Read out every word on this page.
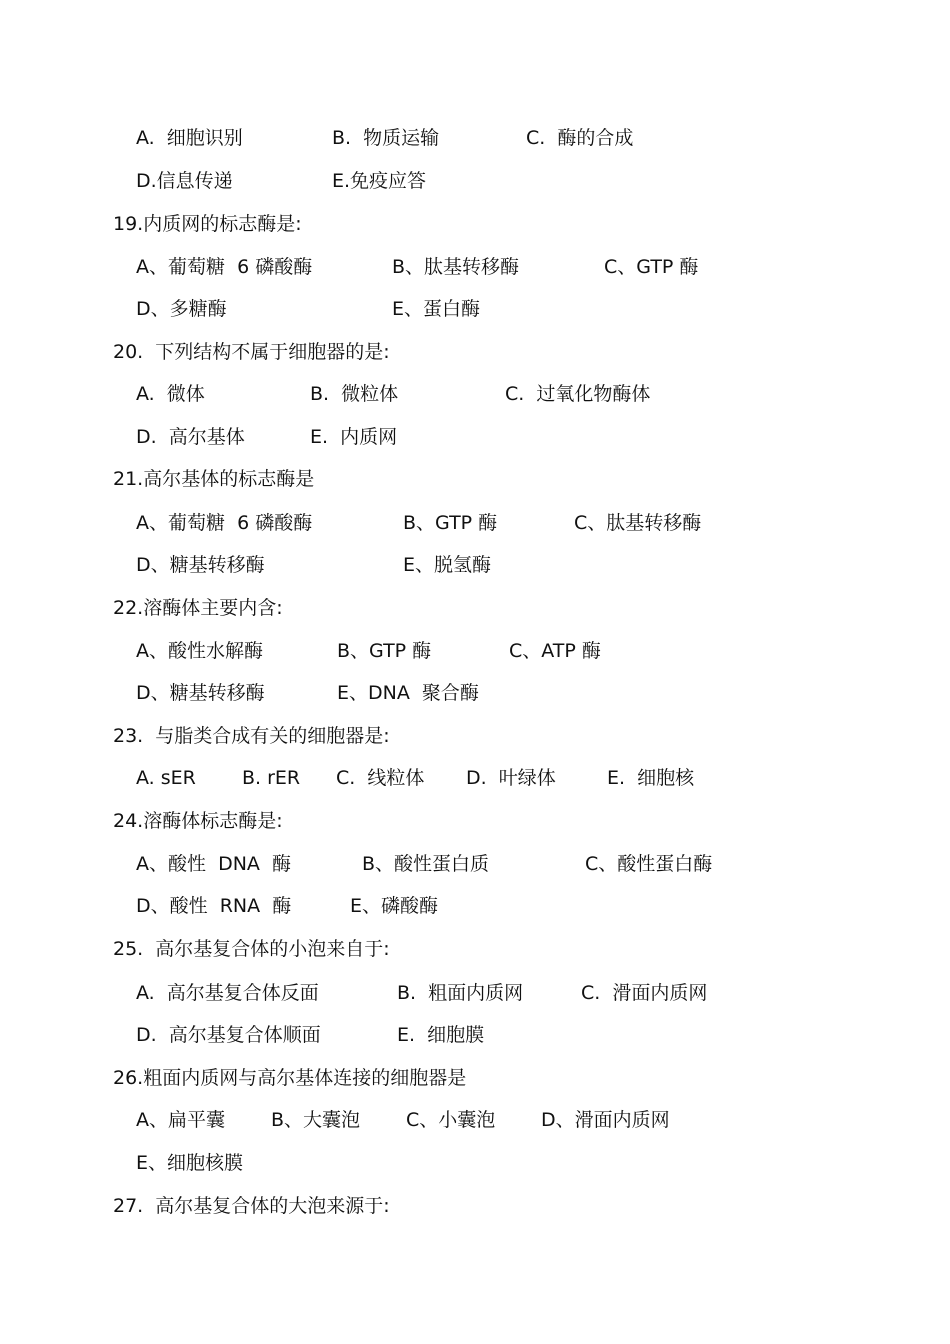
A.  细胞识别	B.  物质运输	C.  酶的合成
D.信息传递	E.免疫应答
19.内质网的标志酶是:
A、葡萄糖  6 磷酸酶	B、肽基转移酶	C、GTP 酶
D、多糖酶	E、蛋白酶
20.  下列结构不属于细胞器的是:
A.  微体	B.  微粒体	C.  过氧化物酶体
D.  高尔基体	E.  内质网
21.高尔基体的标志酶是
A、葡萄糖  6 磷酸酶	B、GTP 酶	C、肽基转移酶
D、糖基转移酶	E、脱氢酶
22.溶酶体主要内含:
A、酸性水解酶	B、GTP 酶	C、ATP 酶
D、糖基转移酶	E、DNA  聚合酶
23.  与脂类合成有关的细胞器是:
A. sER B. rER C.  线粒体 D.  叶绿体	E.  细胞核
24.溶酶体标志酶是:
A、酸性  DNA  酶	B、酸性蛋白质	C、酸性蛋白酶
D、酸性  RNA  酶	E、磷酸酶
25.  高尔基复合体的小泡来自于:
A.  高尔基复合体反面	B.  粗面内质网	C.  滑面内质网
D.  高尔基复合体顺面	E.  细胞膜
26.粗面内质网与高尔基体连接的细胞器是
A、扁平囊 B、大囊泡 C、小囊泡 D、滑面内质网
E、细胞核膜
27.  高尔基复合体的大泡来源于:
